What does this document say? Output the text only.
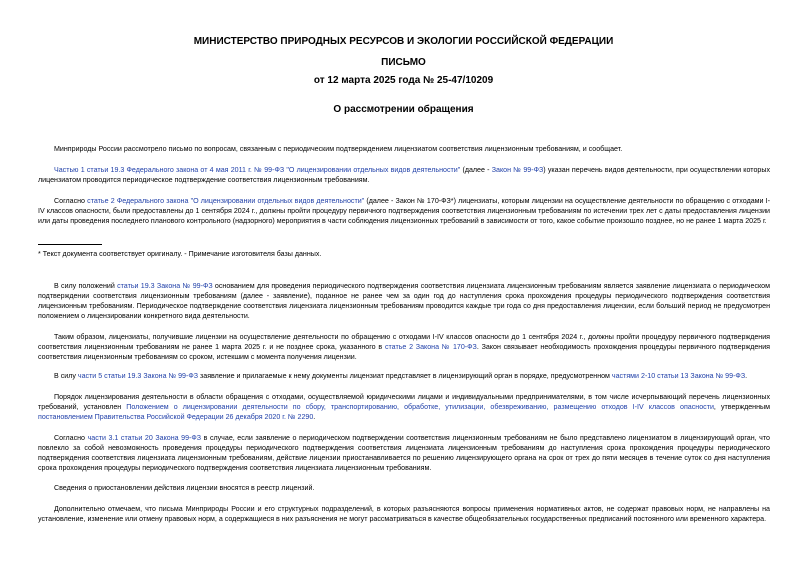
МИНИСТЕРСТВО ПРИРОДНЫХ РЕСУРСОВ И ЭКОЛОГИИ РОССИЙСКОЙ ФЕДЕРАЦИИ
ПИСЬМО
от 12 марта 2025 года № 25-47/10209
О рассмотрении обращения

Минприроды России рассмотрело письмо по вопросам, связанным с периодическим подтверждением лицензиатом соответствия лицензионным требованиям, и сообщает.

Частью 1 статьи 19.3 Федерального закона от 4 мая 2011 г. № 99-ФЗ "О лицензировании отдельных видов деятельности" (далее - Закон № 99-ФЗ) указан перечень видов деятельности, при осуществлении которых лицензиатом проводится периодическое подтверждение соответствия лицензионным требованиям.

Согласно статье 2 Федерального закона "О лицензировании отдельных видов деятельности" (далее - Закон № 170-ФЗ*) лицензиаты, которым лицензии на осуществление деятельности по обращению с отходами I-IV классов опасности, были предоставлены до 1 сентября 2024 г., должны пройти процедуру первичного подтверждения соответствия лицензионным требованиям по истечении трех лет с даты предоставления лицензии или даты проведения последнего планового контрольного (надзорного) мероприятия в части соблюдения лицензионных требований в зависимости от того, какое событие произошло позднее, но не ранее 1 марта 2025 г.

* Текст документа соответствует оригиналу. - Примечание изготовителя базы данных.

В силу положений статьи 19.3 Закона № 99-ФЗ основанием для проведения периодического подтверждения соответствия лицензиата лицензионным требованиям является заявление лицензиата о периодическом подтверждении соответствия лицензионным требованиям (далее - заявление), поданное не ранее чем за один год до наступления срока прохождения процедуры периодического подтверждения соответствия лицензионным требованиям. Периодическое подтверждение соответствия лицензиата лицензионным требованиям проводится каждые три года со дня предоставления лицензии, если больший период не предусмотрен положением о лицензировании конкретного вида деятельности.

Таким образом, лицензиаты, получившие лицензии на осуществление деятельности по обращению с отходами I-IV классов опасности до 1 сентября 2024 г., должны пройти процедуру первичного подтверждения соответствия лицензионным требованиям не ранее 1 марта 2025 г. и не позднее срока, указанного в статье 2 Закона № 170-ФЗ. Закон связывает необходимость прохождения процедуры первичного подтверждения соответствия лицензионным требованиям со сроком, истекшим с момента получения лицензии.

В силу части 5 статьи 19.3 Закона № 99-ФЗ заявление и прилагаемые к нему документы лицензиат представляет в лицензирующий орган в порядке, предусмотренном частями 2-10 статьи 13 Закона № 99-ФЗ.

Порядок лицензирования деятельности в области обращения с отходами, осуществляемой юридическими лицами и индивидуальными предпринимателями, в том числе исчерпывающий перечень лицензионных требований, установлен Положением о лицензировании деятельности по сбору, транспортированию, обработке, утилизации, обезвреживанию, размещению отходов I-IV классов опасности, утвержденным постановлением Правительства Российской Федерации 26 декабря 2020 г. № 2290.

Согласно части 3.1 статьи 20 Закона 99-ФЗ в случае, если заявление о периодическом подтверждении соответствия лицензионным требованиям не было представлено лицензиатом в лицензирующий орган, что повлекло за собой невозможность проведения процедуры периодического подтверждения соответствия лицензиата лицензионным требованиям до наступления срока прохождения процедуры периодического подтверждения соответствия лицензиата лицензионным требованиям, действие лицензии приостанавливается по решению лицензирующего органа на срок от трех до пяти месяцев в течение суток со дня наступления срока прохождения процедуры периодического подтверждения соответствия лицензиата лицензионным требованиям.

Сведения о приостановлении действия лицензии вносятся в реестр лицензий.

Дополнительно отмечаем, что письма Минприроды России и его структурных подразделений, в которых разъясняются вопросы применения нормативных актов, не содержат правовых норм, не направлены на установление, изменение или отмену правовых норм, а содержащиеся в них разъяснения не могут рассматриваться в качестве общеобязательных государственных предписаний постоянного или временного характера.
